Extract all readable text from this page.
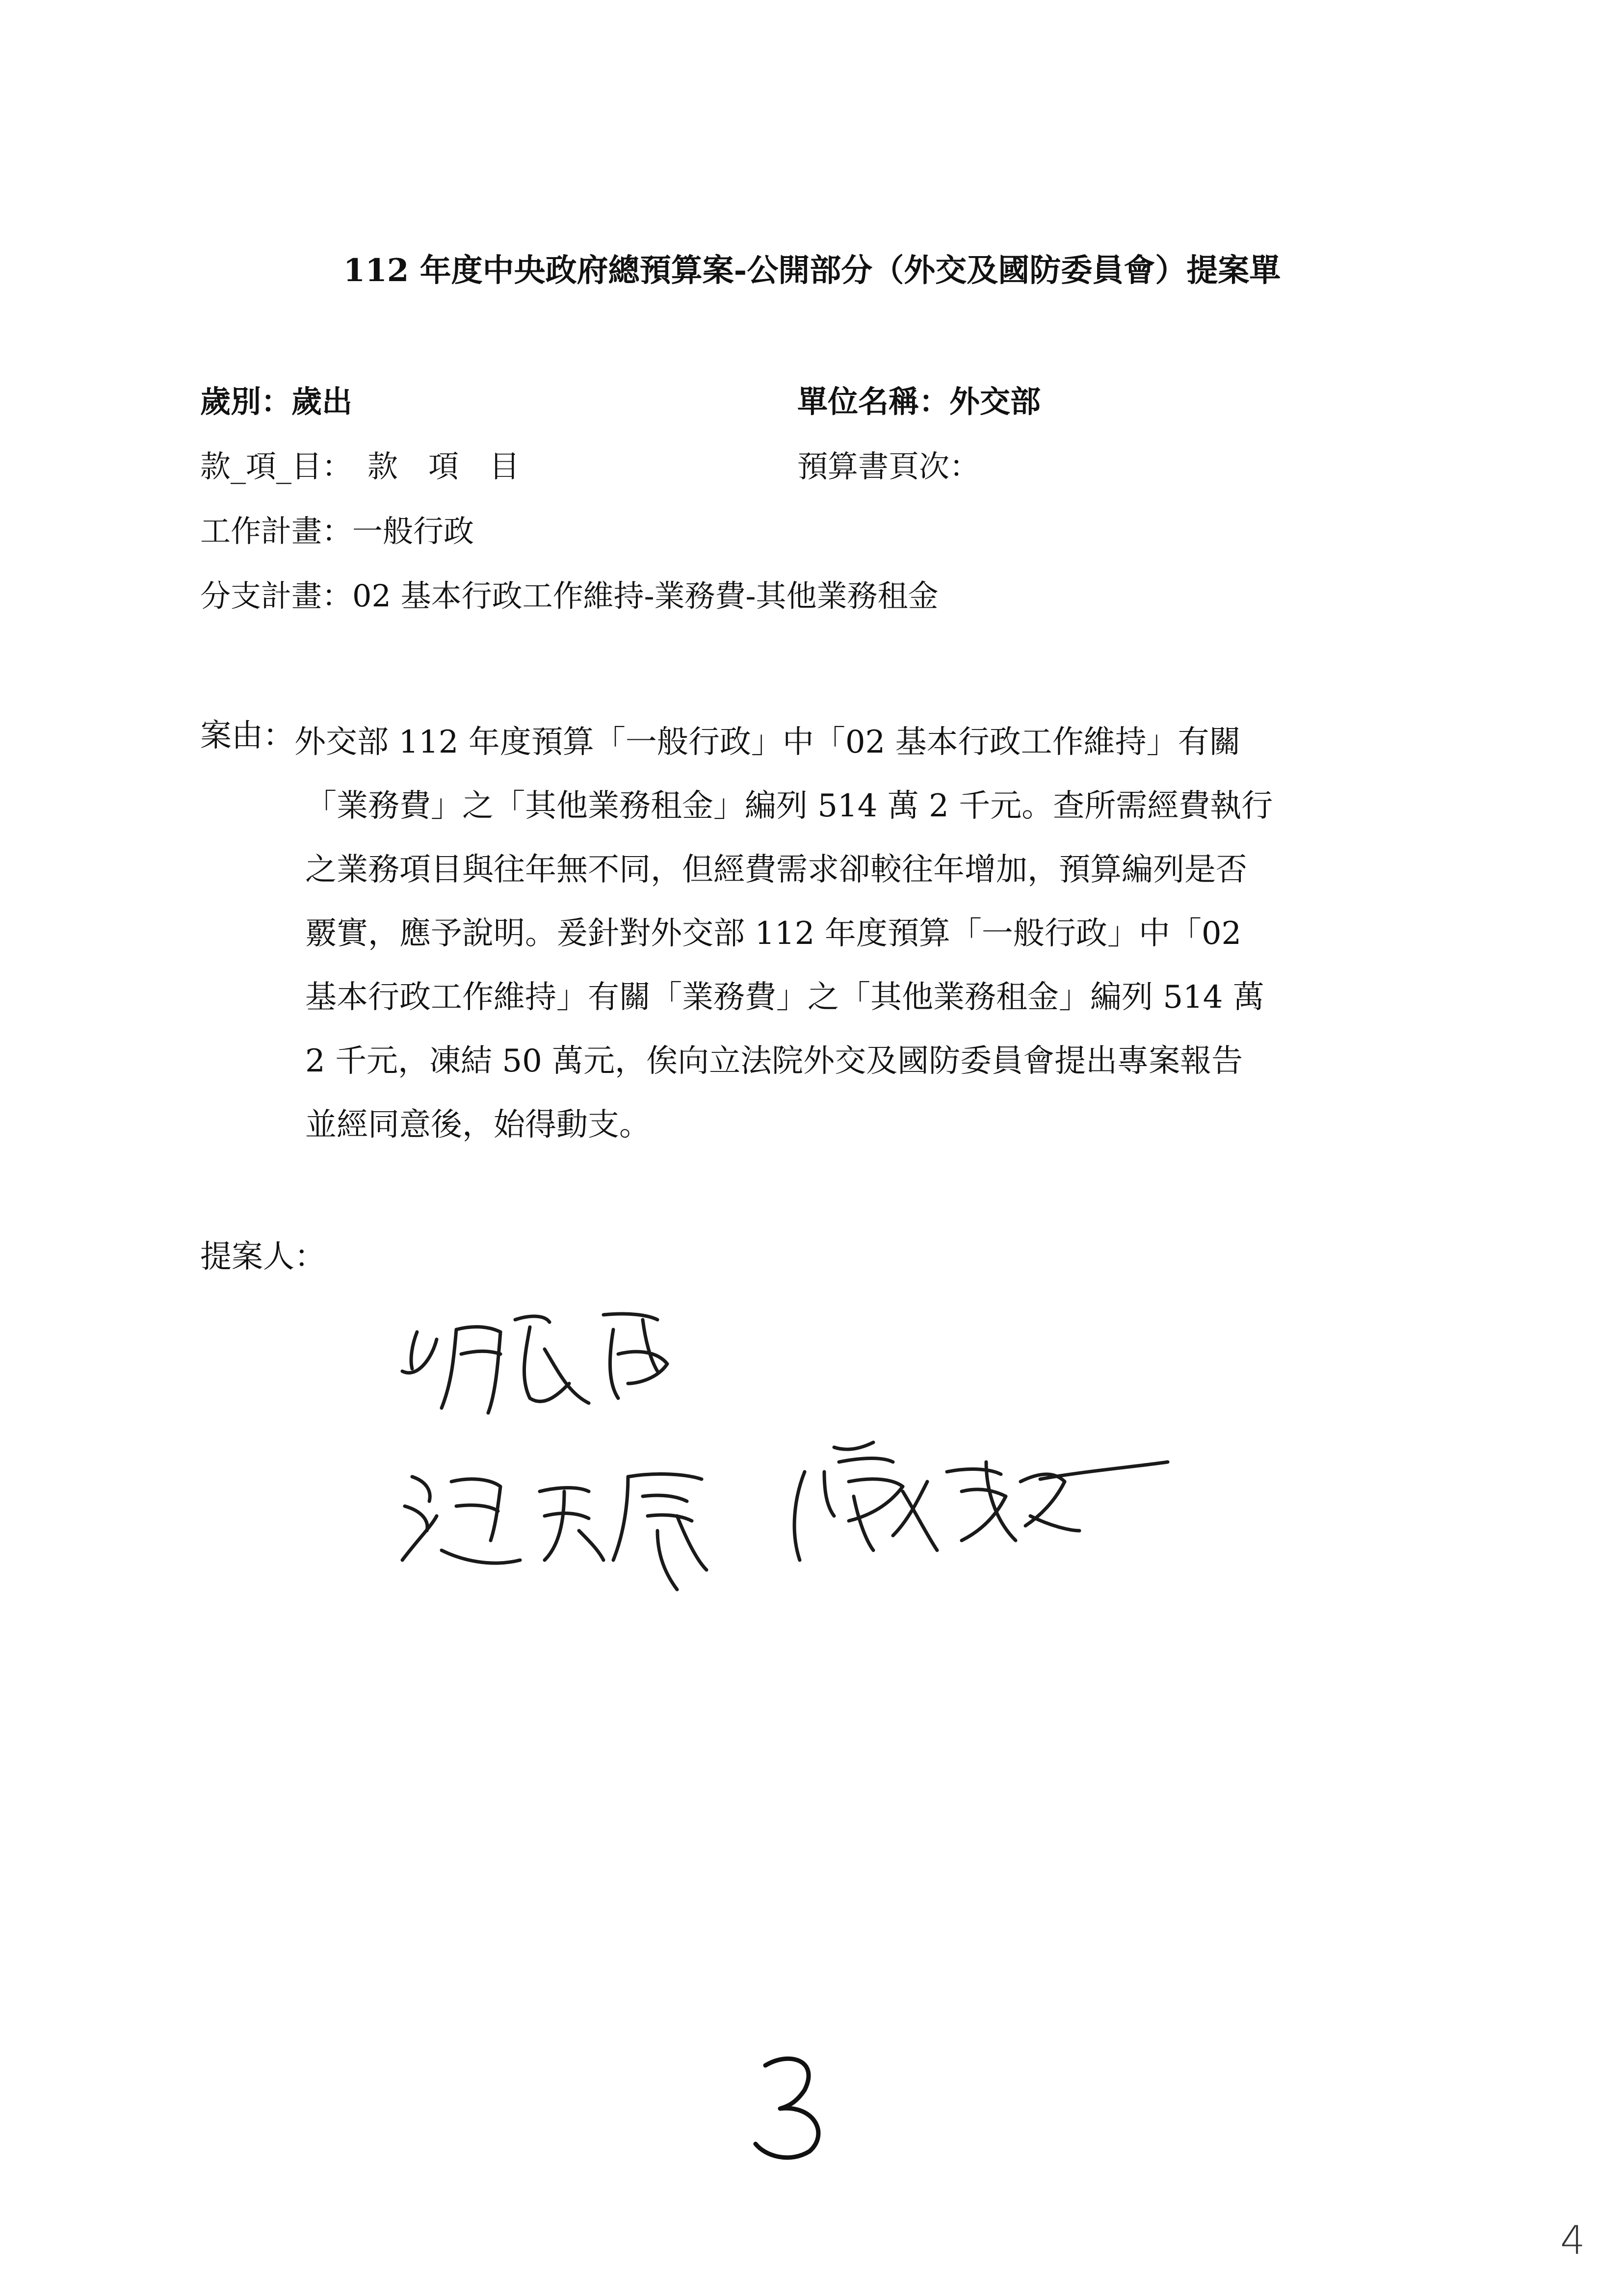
112 年度中央政府總預算案-公開部分（外交及國防委員會）提案單
歲別：歲出	單位名稱：外交部
款_項_目：　款　項　目	預算書頁次：
工作計畫：一般行政
分支計畫：02 基本行政工作維持-業務費-其他業務租金
案由： 外交部 112 年度預算「一般行政」中「02 基本行政工作維持」有關
「業務費」之「其他業務租金」編列 514 萬 2 千元。查所需經費執行
之業務項目與往年無不同，但經費需求卻較往年增加，預算編列是否
覈實，應予說明。爰針對外交部 112 年度預算「一般行政」中「02
基本行政工作維持」有關「業務費」之「其他業務租金」編列 514 萬
2 千元，凍結 50 萬元，俟向立法院外交及國防委員會提出專案報告
並經同意後，始得動支。
提案人：
4
